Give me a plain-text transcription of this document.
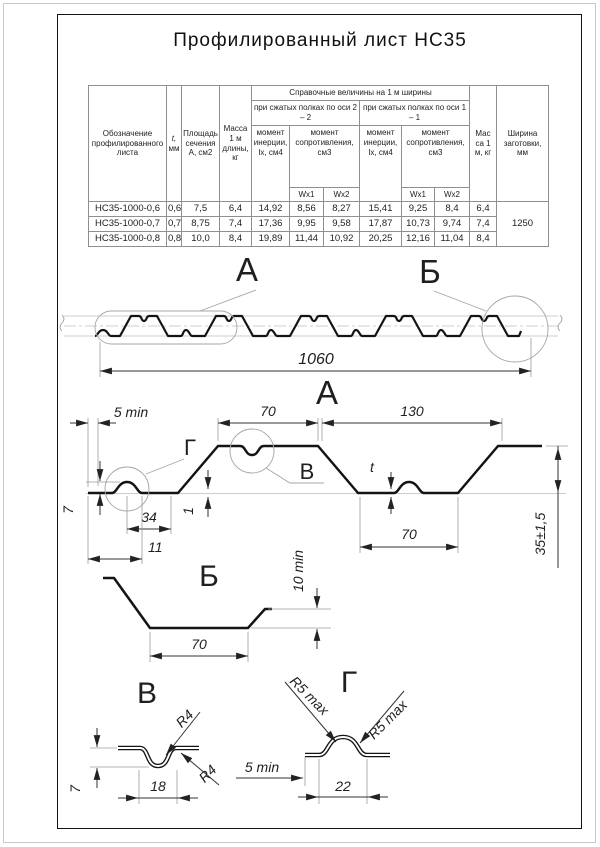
Профилированный лист НС35
Обозначение профилированного листа	t,
мм	Площадь сечения А, см2	Масса 1 м длины, кг	Справочные величины на 1 м ширины						Мас са 1 м, кг	Ширина заготовки, мм
				при сжатых полках по оси 2 – 2			при сжатых полках по оси 1 – 1				
				момент инерции, Ix, см4	момент сопротивления, см3		момент инерции, Ix, см4	момент сопротивления, см3			
					Wx1	Wx2		Wx1	Wx2		
НС35-1000-0,6	0,6	7,5	6,4	14,92	8,56	8,27	15,41	9,25	8,4	6,4	1250
НС35-1000-0,7	0,7	8,75	7,4	17,36	9,95	9,58	17,87	10,73	9,74	7,4	
НС35-1000-0,8	0,8	10,0	8,4	19,89	11,44	10,92	20,25	12,16	11,04	8,4	
А	Б
1060
А
5 min	70	130
Г
В	t
7	34 1
11
70	35±1,5
Б	10 min
70
В
R4
R4
7	18
Г
R5 max
R5 max
5 min
22
